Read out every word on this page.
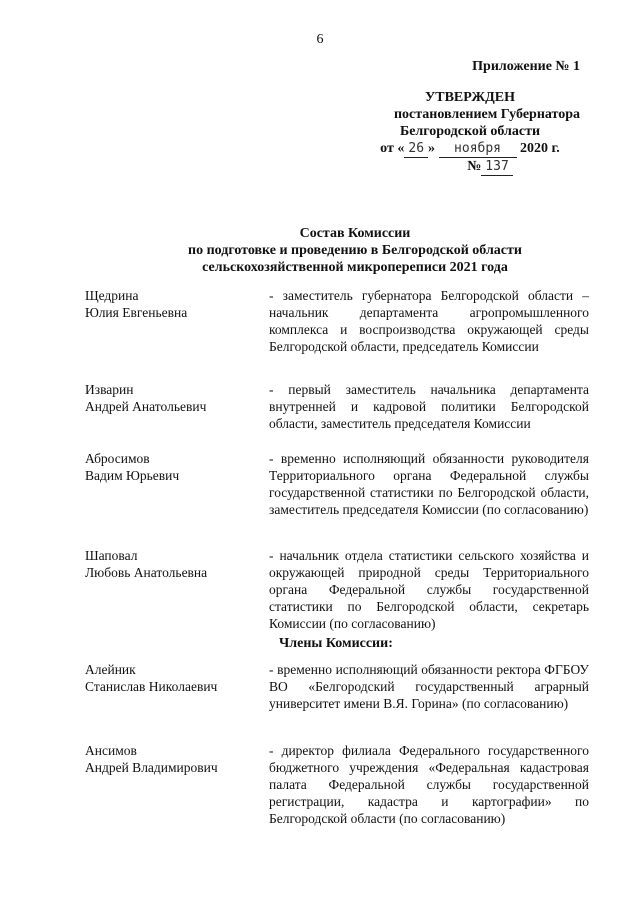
6
Приложение № 1
УТВЕРЖДЕН
постановлением Губернатора
Белгородской области
от « 26 » ноября 2020 г.
№ 137
Состав Комиссии
по подготовке и проведению в Белгородской области
сельскохозяйственной микропереписи 2021 года
Щедрина
Юлия Евгеньевна
- заместитель губернатора Белгородской области – начальник департамента агропромышленного комплекса и воспроизводства окружающей среды Белгородской области, председатель Комиссии
Изварин
Андрей Анатольевич
- первый заместитель начальника департамента внутренней и кадровой политики Белгородской области, заместитель председателя Комиссии
Абросимов
Вадим Юрьевич
- временно исполняющий обязанности руководителя Территориального органа Федеральной службы государственной статистики по Белгородской области, заместитель председателя Комиссии (по согласованию)
Шаповал
Любовь Анатольевна
- начальник отдела статистики сельского хозяйства и окружающей природной среды Территориального органа Федеральной службы государственной статистики по Белгородской области, секретарь Комиссии (по согласованию)
Члены Комиссии:
Алейник
Станислав Николаевич
- временно исполняющий обязанности ректора ФГБОУ ВО «Белгородский государственный аграрный университет имени В.Я. Горина» (по согласованию)
Ансимов
Андрей Владимирович
- директор филиала Федерального государственного бюджетного учреждения «Федеральная кадастровая палата Федеральной службы государственной регистрации, кадастра и картографии» по Белгородской области (по согласованию)
